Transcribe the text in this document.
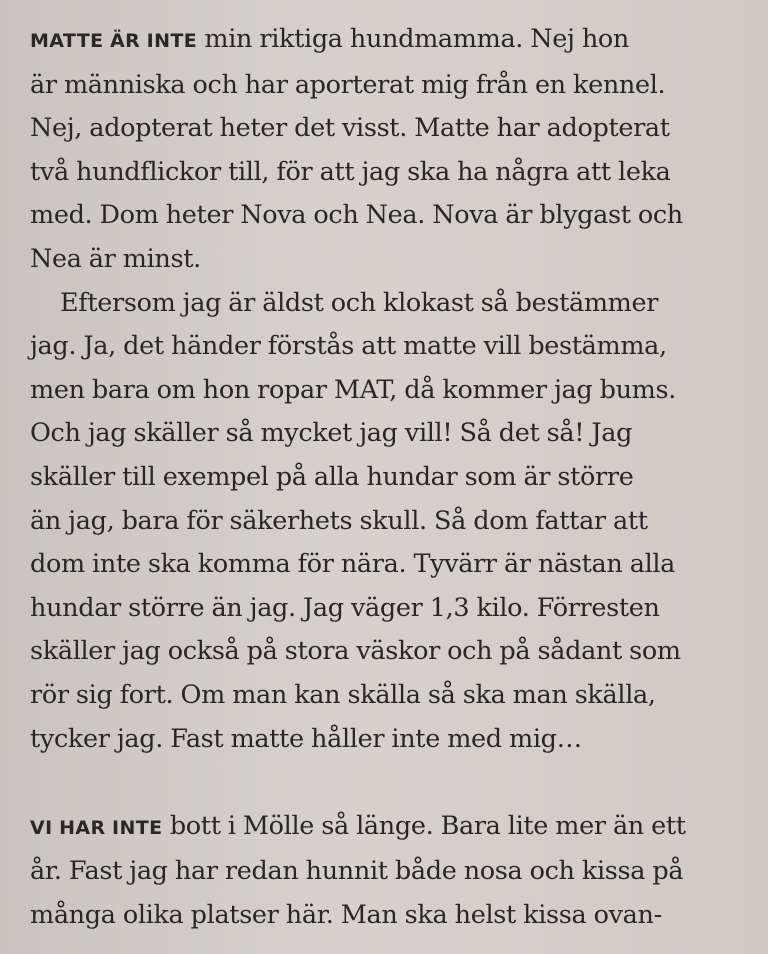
MATTE ÄR INTE min riktiga hundmamma. Nej hon
är människa och har aporterat mig från en kennel.
Nej, adopterat heter det visst. Matte har adopterat
två hundflickor till, för att jag ska ha några att leka
med. Dom heter Nova och Nea. Nova är blygast och
Nea är minst.

Eftersom jag är äldst och klokast så bestämmer
jag. Ja, det händer förstås att matte vill bestämma,
men bara om hon ropar MAT, då kommer jag bums.
Och jag skäller så mycket jag vill! Så det så! Jag
skäller till exempel på alla hundar som är större
än jag, bara för säkerhets skull. Så dom fattar att
dom inte ska komma för nära. Tyvärr är nästan alla
hundar större än jag. Jag väger 1,3 kilo. Förresten
skäller jag också på stora väskor och på sådant som
rör sig fort. Om man kan skälla så ska man skälla,
tycker jag. Fast matte håller inte med mig…

VI HAR INTE bott i Mölle så länge. Bara lite mer än ett
år. Fast jag har redan hunnit både nosa och kissa på
många olika platser här. Man ska helst kissa ovan-
